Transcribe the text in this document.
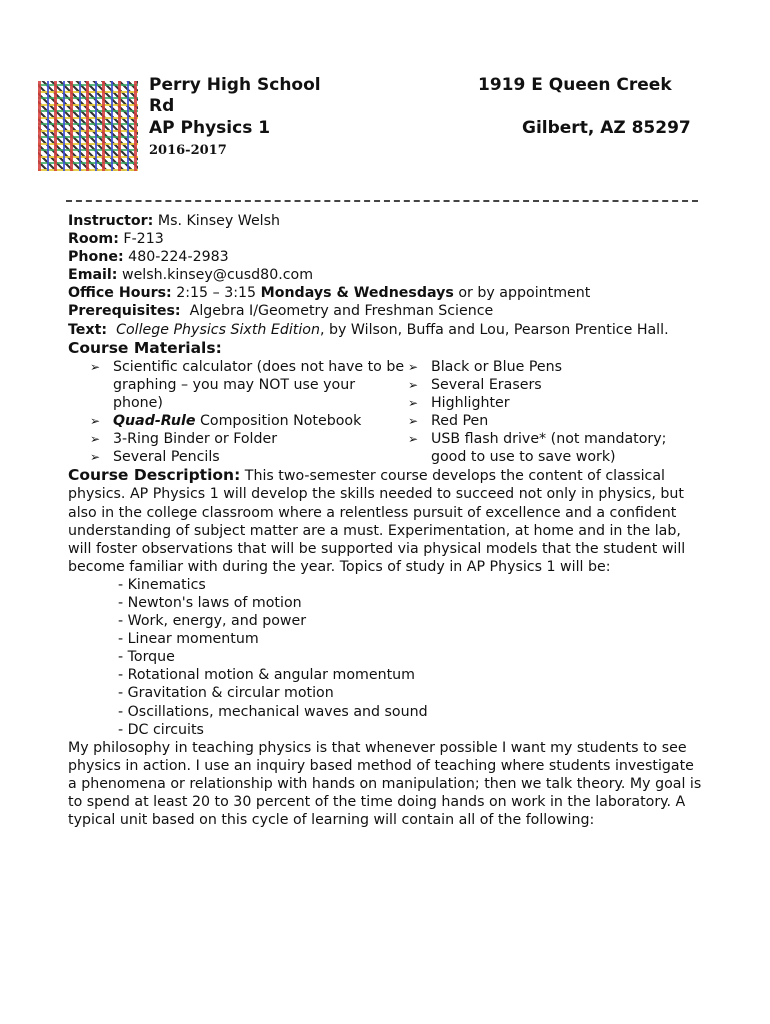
Perry High School	1919 E Queen Creek
Rd
AP Physics 1	Gilbert, AZ 85297
2016-2017

Instructor: Ms. Kinsey Welsh

Room: F-213

Phone: 480-224-2983

Email: welsh.kinsey@cusd80.com

Office Hours: 2:15 – 3:15 Mondays & Wednesdays or by appointment

Prerequisites: Algebra I/Geometry and Freshman Science

Text: College Physics Sixth Edition, by Wilson, Buffa and Lou, Pearson Prentice Hall.

Course Materials:

➢ Scientific calculator (does not have to be graphing – you may NOT use your phone)
➢ Quad-Rule Composition Notebook
➢ 3-Ring Binder or Folder
➢ Several Pencils
➢ Black or Blue Pens
➢ Several Erasers
➢ Highlighter
➢ Red Pen
➢ USB flash drive* (not mandatory; good to use to save work)

Course Description: This two-semester course develops the content of classical physics. AP Physics 1 will develop the skills needed to succeed not only in physics, but also in the college classroom where a relentless pursuit of excellence and a confident understanding of subject matter are a must. Experimentation, at home and in the lab, will foster observations that will be supported via physical models that the student will become familiar with during the year. Topics of study in AP Physics 1 will be:

- Kinematics
- Newton's laws of motion
- Work, energy, and power
- Linear momentum
- Torque
- Rotational motion & angular momentum
- Gravitation & circular motion
- Oscillations, mechanical waves and sound
- DC circuits

My philosophy in teaching physics is that whenever possible I want my students to see physics in action. I use an inquiry based method of teaching where students investigate a phenomena or relationship with hands on manipulation; then we talk theory. My goal is to spend at least 20 to 30 percent of the time doing hands on work in the laboratory. A typical unit based on this cycle of learning will contain all of the following:
